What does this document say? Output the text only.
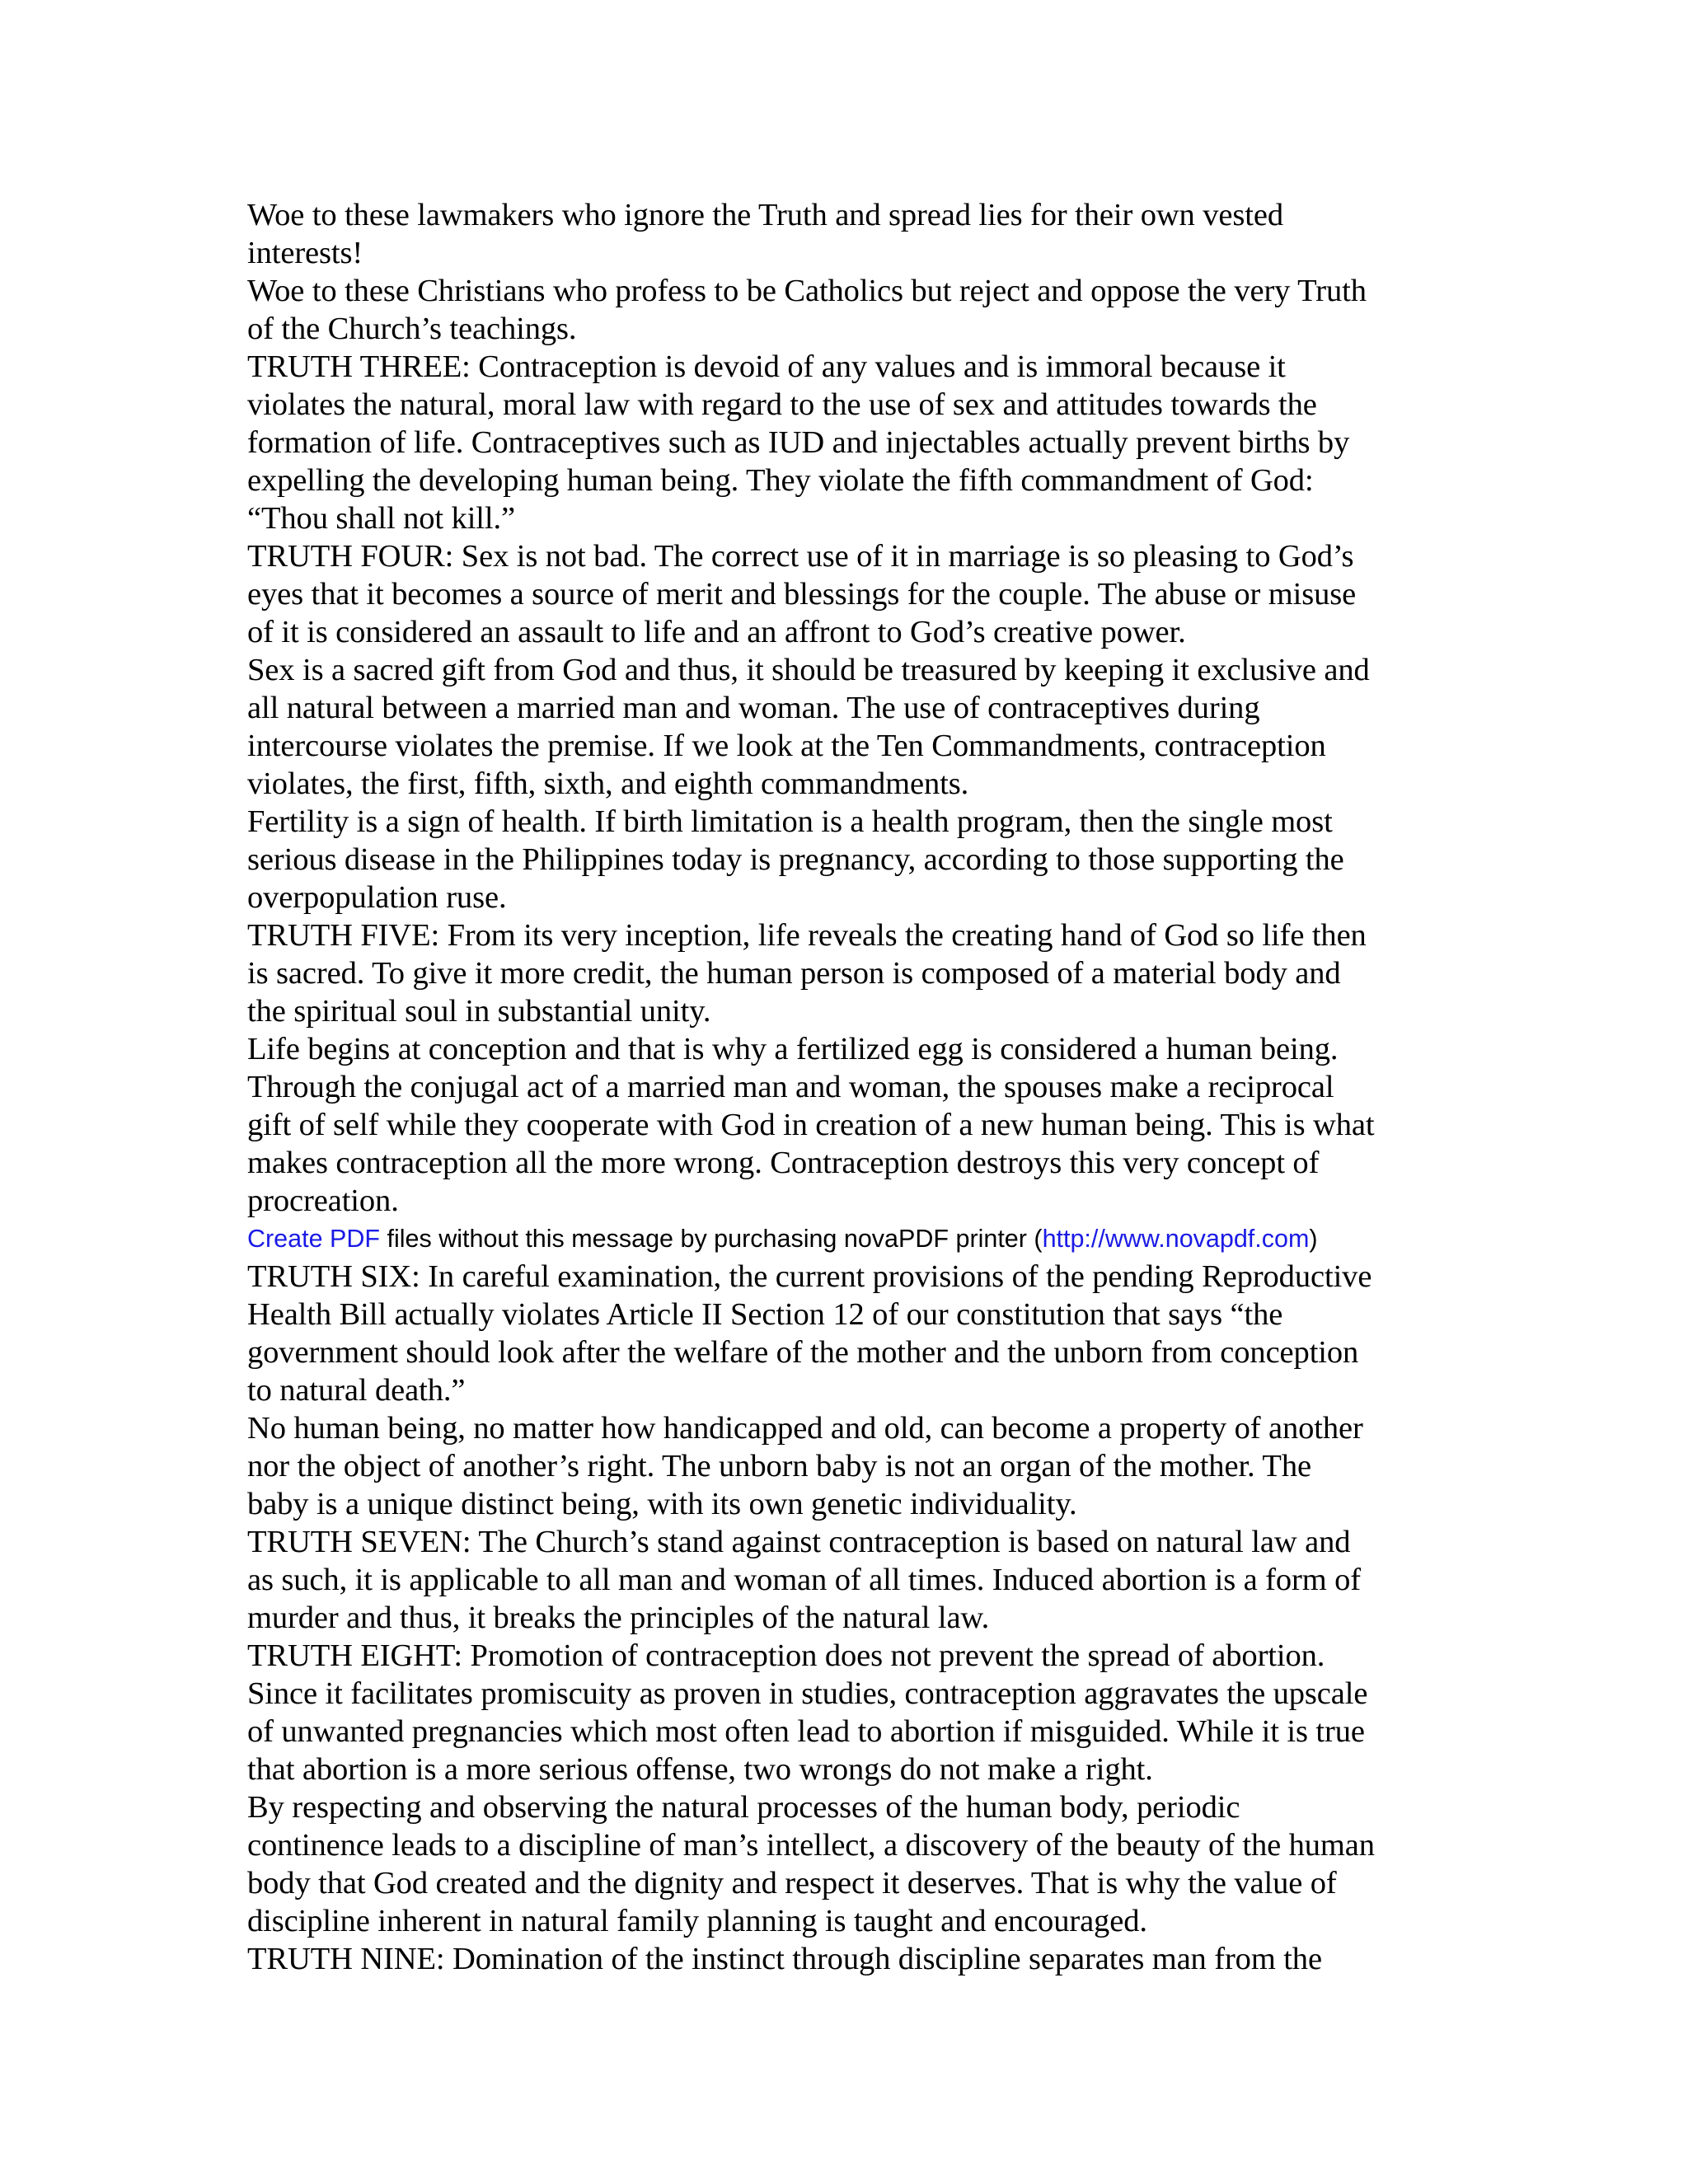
Woe to these lawmakers who ignore the Truth and spread lies for their own vested
interests!
Woe to these Christians who profess to be Catholics but reject and oppose the very Truth
of the Church’s teachings.
TRUTH THREE: Contraception is devoid of any values and is immoral because it
violates the natural, moral law with regard to the use of sex and attitudes towards the
formation of life. Contraceptives such as IUD and injectables actually prevent births by
expelling the developing human being. They violate the fifth commandment of God:
“Thou shall not kill.”
TRUTH FOUR: Sex is not bad. The correct use of it in marriage is so pleasing to God’s
eyes that it becomes a source of merit and blessings for the couple. The abuse or misuse
of it is considered an assault to life and an affront to God’s creative power.
Sex is a sacred gift from God and thus, it should be treasured by keeping it exclusive and
all natural between a married man and woman. The use of contraceptives during
intercourse violates the premise. If we look at the Ten Commandments, contraception
violates, the first, fifth, sixth, and eighth commandments.
Fertility is a sign of health. If birth limitation is a health program, then the single most
serious disease in the Philippines today is pregnancy, according to those supporting the
overpopulation ruse.
TRUTH FIVE: From its very inception, life reveals the creating hand of God so life then
is sacred. To give it more credit, the human person is composed of a material body and
the spiritual soul in substantial unity.
Life begins at conception and that is why a fertilized egg is considered a human being.
Through the conjugal act of a married man and woman, the spouses make a reciprocal
gift of self while they cooperate with God in creation of a new human being. This is what
makes contraception all the more wrong. Contraception destroys this very concept of
procreation.
Create PDF files without this message by purchasing novaPDF printer (http://www.novapdf.com)
TRUTH SIX: In careful examination, the current provisions of the pending Reproductive
Health Bill actually violates Article II Section 12 of our constitution that says “the
government should look after the welfare of the mother and the unborn from conception
to natural death.”
No human being, no matter how handicapped and old, can become a property of another
nor the object of another’s right. The unborn baby is not an organ of the mother. The
baby is a unique distinct being, with its own genetic individuality.
TRUTH SEVEN: The Church’s stand against contraception is based on natural law and
as such, it is applicable to all man and woman of all times. Induced abortion is a form of
murder and thus, it breaks the principles of the natural law.
TRUTH EIGHT: Promotion of contraception does not prevent the spread of abortion.
Since it facilitates promiscuity as proven in studies, contraception aggravates the upscale
of unwanted pregnancies which most often lead to abortion if misguided. While it is true
that abortion is a more serious offense, two wrongs do not make a right.
By respecting and observing the natural processes of the human body, periodic
continence leads to a discipline of man’s intellect, a discovery of the beauty of the human
body that God created and the dignity and respect it deserves. That is why the value of
discipline inherent in natural family planning is taught and encouraged.
TRUTH NINE: Domination of the instinct through discipline separates man from the
